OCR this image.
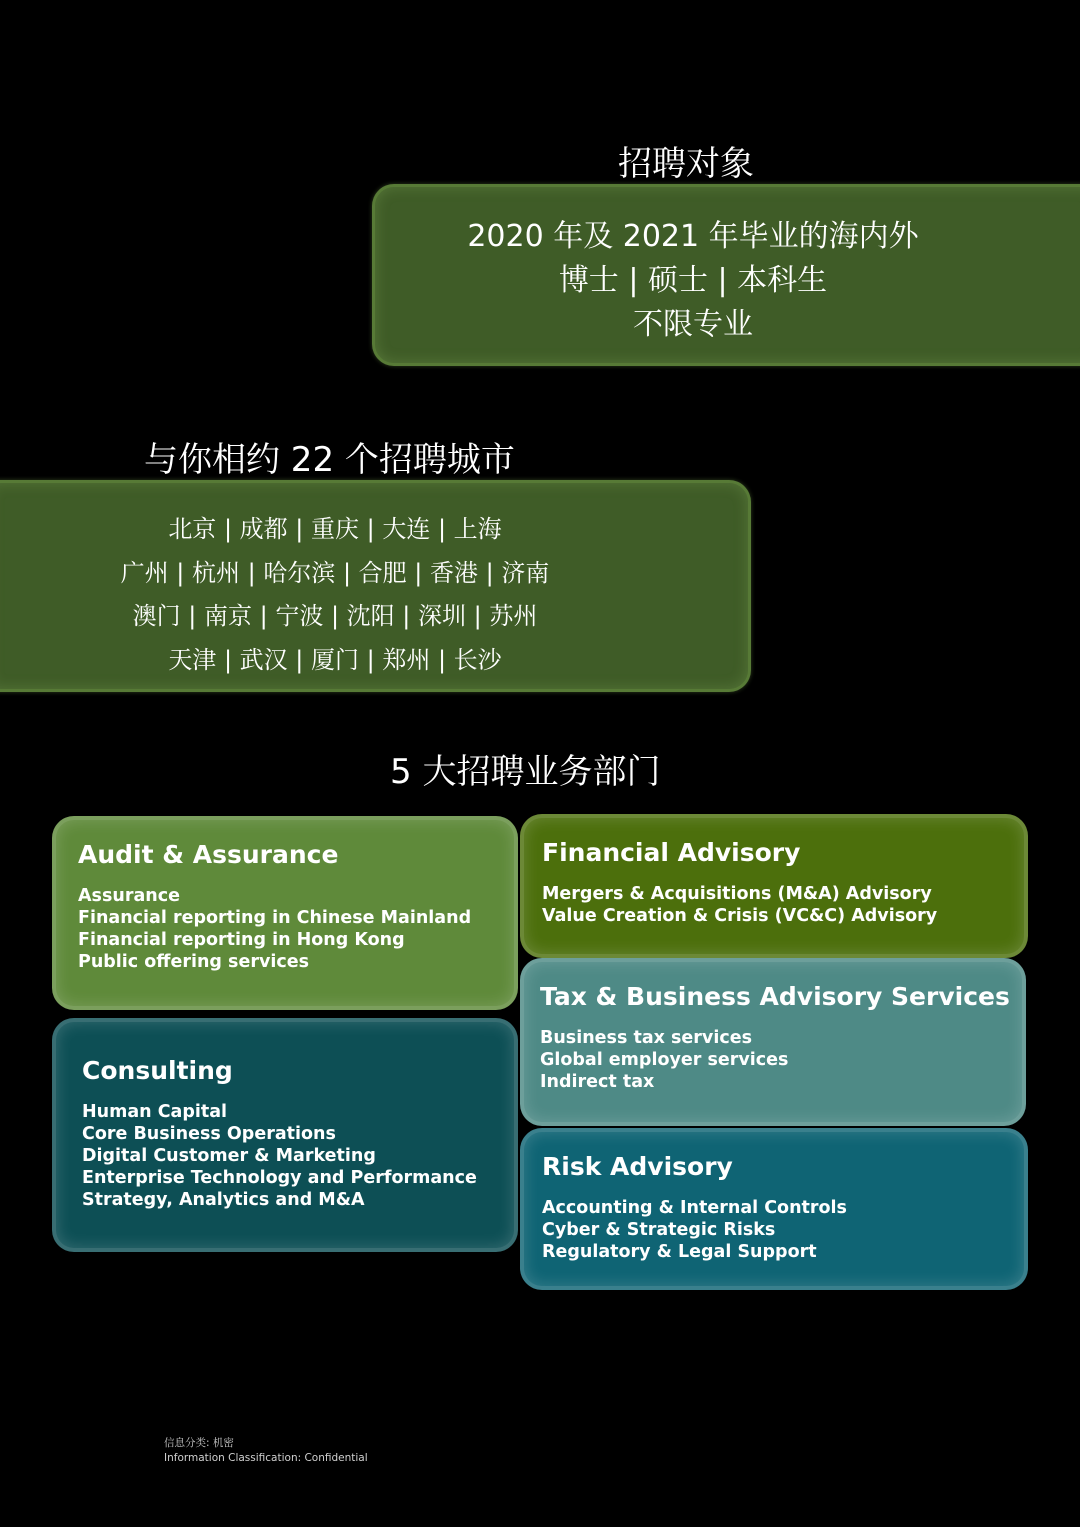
招聘对象
2020 年及 2021 年毕业的海内外
博士 | 硕士 | 本科生
不限专业
与你相约 22 个招聘城市
北京 | 成都 | 重庆 | 大连 | 上海
广州 | 杭州 | 哈尔滨 | 合肥 | 香港 | 济南
澳门 | 南京 | 宁波 | 沈阳 | 深圳 | 苏州
天津 | 武汉 | 厦门 | 郑州 | 长沙
5 大招聘业务部门
Audit & Assurance
Assurance
Financial reporting in Chinese Mainland
Financial reporting in Hong Kong
Public offering services
Consulting
Human Capital
Core Business Operations
Digital Customer & Marketing
Enterprise Technology and Performance
Strategy, Analytics and M&A
Financial Advisory
Mergers & Acquisitions (M&A) Advisory
Value Creation & Crisis (VC&C) Advisory
Tax & Business Advisory Services
Business tax services
Global employer services
Indirect tax
Risk Advisory
Accounting & Internal Controls
Cyber & Strategic Risks
Regulatory & Legal Support
信息分类: 机密
Information Classification: Confidential
